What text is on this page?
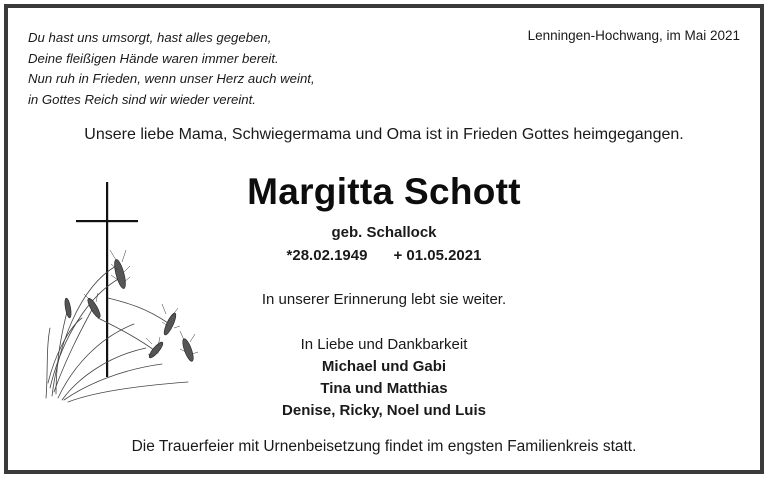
Du hast uns umsorgt, hast alles gegeben,
Deine fleißigen Hände waren immer bereit.
Nun ruh in Frieden, wenn unser Herz auch weint,
in Gottes Reich sind wir wieder vereint.
Lenningen-Hochwang, im Mai 2021
Unsere liebe Mama, Schwiegermama und Oma ist in Frieden Gottes heimgegangen.
Margitta Schott
geb. Schallock
*28.02.1949 + 01.05.2021
In unserer Erinnerung lebt sie weiter.
In Liebe und Dankbarkeit
Michael und Gabi
Tina und Matthias
Denise, Ricky, Noel und Luis
Die Trauerfeier mit Urnenbeisetzung findet im engsten Familienkreis statt.
